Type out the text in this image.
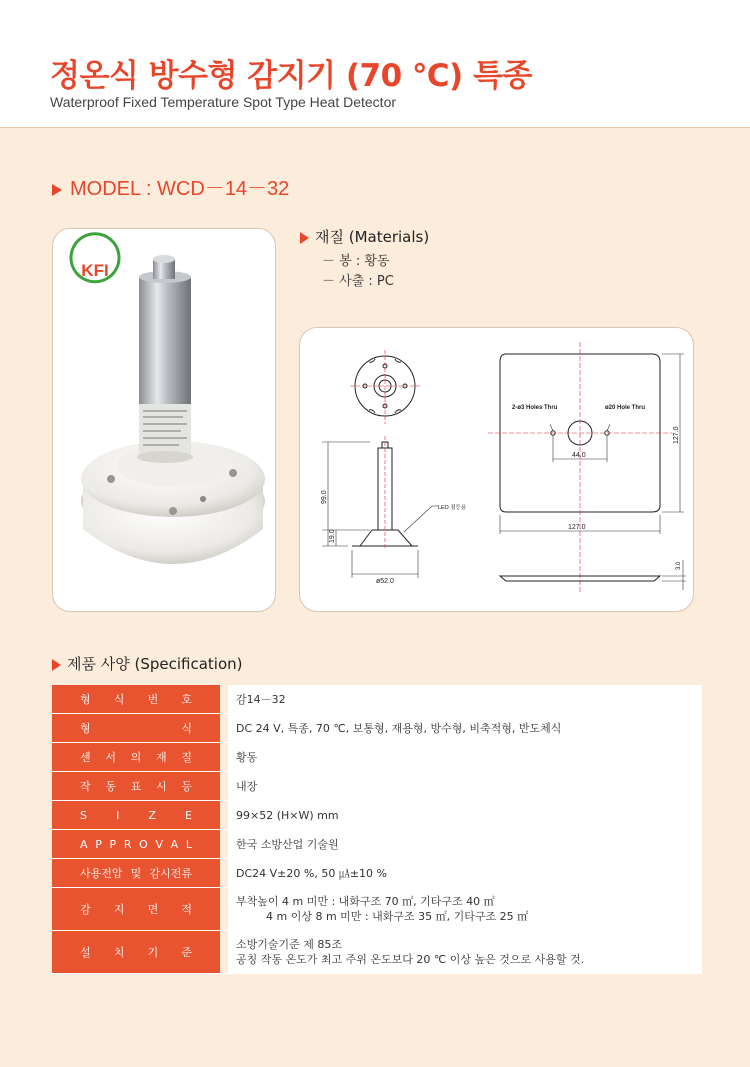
정온식 방수형 감지기 (70 ℃) 특종
Waterproof Fixed Temperature Spot Type Heat Detector
MODEL : WCD－14－32
KFI
재질 (Materials)
－ 봉 : 황동
－ 사출 : PC
99.0
19.0
ø52.0
LED 점등용
2-ø3 Holes Thru	ø20 Hole Thru
44.0
127.0
127.0
3.0
제품 사양 (Specification)
형 식 번 호		감14－32
형 식		DC 24 V, 특종, 70 ℃, 보통형, 재용형, 방수형, 비축적형, 반도체식
센 서 의 재 질		황동
작 동 표 시 등		내장
S I Z E		99×52 (H×W) mm
A P P R O V A L		한국 소방산업 기술원
사용전압 및 감시전류		DC24 V±20 %, 50 ㎂±10 %
감 지 면 적		부착높이 4 m 미만 : 내화구조 70 ㎡, 기타구조 40 ㎡
4 m 이상 8 m 미만 : 내화구조 35 ㎡, 기타구조 25 ㎡

설 치 기 준		소방기술기준 제 85조
공칭 작동 온도가 최고 주위 온도보다 20 ℃ 이상 높은 것으로 사용할 것.
